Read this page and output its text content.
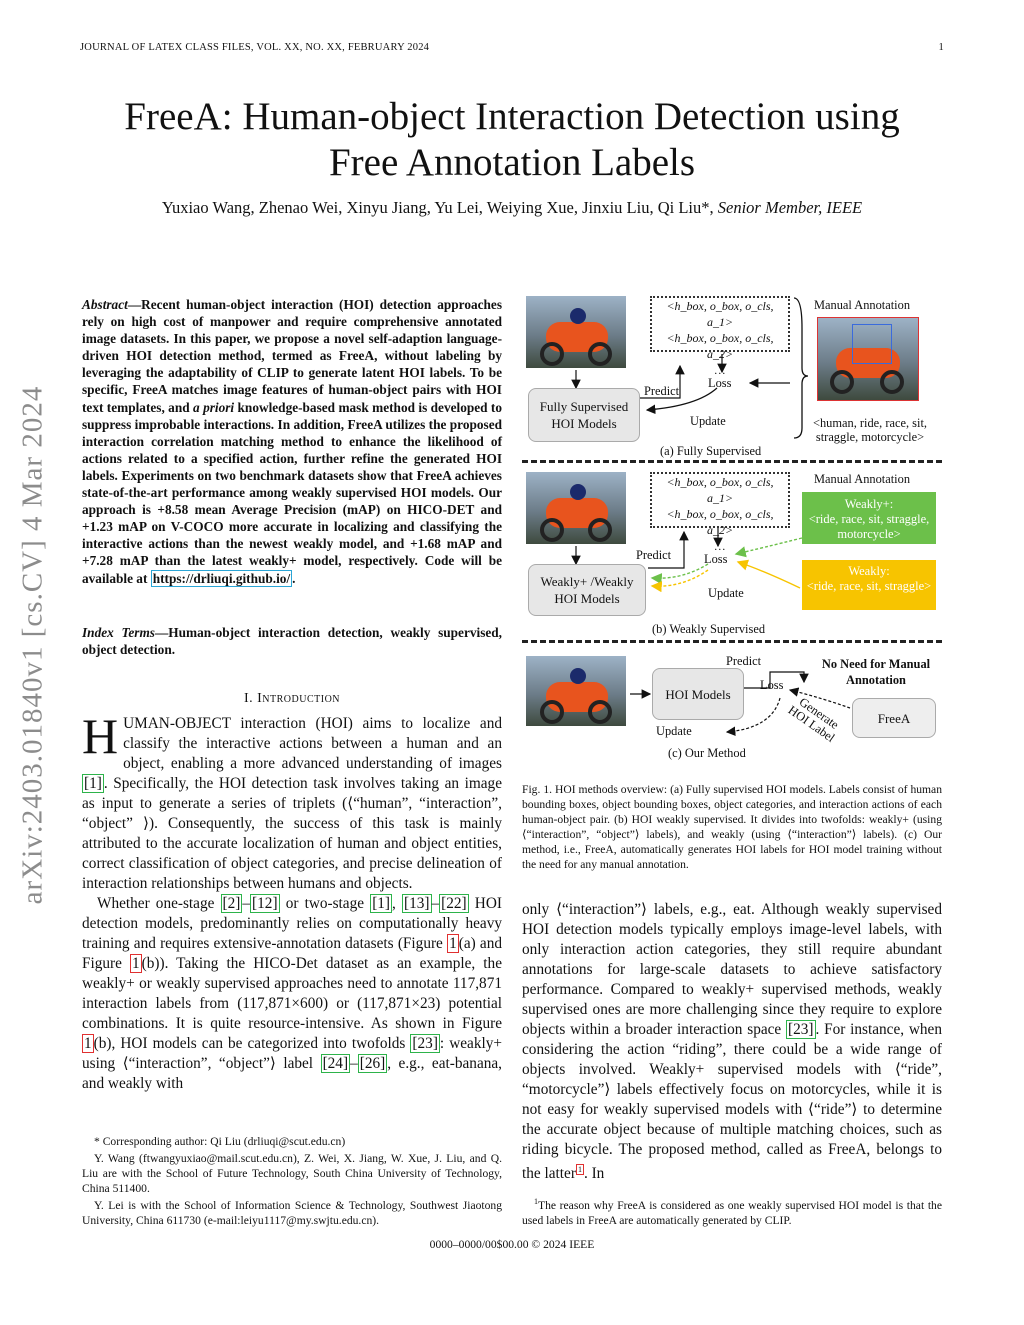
JOURNAL OF LATEX CLASS FILES, VOL. XX, NO. XX, FEBRUARY 2024	1
arXiv:2403.01840v1 [cs.CV] 4 Mar 2024
FreeA: Human-object Interaction Detection using
Free Annotation Labels
Yuxiao Wang, Zhenao Wei, Xinyu Jiang, Yu Lei, Weiying Xue, Jinxiu Liu, Qi Liu*, Senior Member, IEEE
Abstract—Recent human-object interaction (HOI) detection approaches rely on high cost of manpower and require comprehensive annotated image datasets. In this paper, we propose a novel self-adaption language-driven HOI detection method, termed as FreeA, without labeling by leveraging the adaptability of CLIP to generate latent HOI labels. To be specific, FreeA matches image features of human-object pairs with HOI text templates, and a priori knowledge-based mask method is developed to suppress improbable interactions. In addition, FreeA utilizes the proposed interaction correlation matching method to enhance the likelihood of actions related to a specified action, further refine the generated HOI labels. Experiments on two benchmark datasets show that FreeA achieves state-of-the-art performance among weakly supervised HOI models. Our approach is +8.58 mean Average Precision (mAP) on HICO-DET and +1.23 mAP on V-COCO more accurate in localizing and classifying the interactive actions than the newest weakly model, and +1.68 mAP and +7.28 mAP than the latest weakly+ model, respectively. Code will be available at https://drliuqi.github.io/ .
Index Terms—Human-object interaction detection, weakly supervised, object detection.
I. Introduction

HUMAN-OBJECT interaction (HOI) aims to localize and classify the interactive actions between a human and an object, enabling a more advanced understanding of images [1] . Specifically, the HOI detection task involves taking an image as input to generate a series of triplets (⟨“human”, “interaction”, “object” ⟩). Consequently, the success of this task is mainly attributed to the accurate localization of human and object entities, correct classification of object categories, and precise delineation of interaction relationships between humans and objects.

Whether one-stage [2] – [12] or two-stage [1] , [13] – [22] HOI detection models, predominantly relies on computationally heavy training and requires extensive-annotation datasets (Figure 1 (a) and Figure 1 (b)). Taking the HICO-Det dataset as an example, the weakly+ or weakly supervised approaches need to annotate 117,871 interaction labels from (117,871×600) or (117,871×23) potential combinations. It is quite resource-intensive. As shown in Figure 1 (b), HOI models can be categorized into twofolds [23] : weakly+ using ⟨“interaction”, “object”⟩ label [24] – [26] , e.g., eat-banana, and weakly with

* Corresponding author: Qi Liu (drliuqi@scut.edu.cn)

Y. Wang (ftwangyuxiao@mail.scut.edu.cn), Z. Wei, X. Jiang, W. Xue, J. Liu, and Q. Liu are with the School of Future Technology, South China University of Technology, China 511400.

Y. Lei is with the School of Information Science & Technology, Southwest Jiaotong University, China 611730 (e-mail:leiyu1117@my.swjtu.edu.cn).

<h_box, o_box, o_cls, a_1>
<h_box, o_box, o_cls, a_2>
…
Loss
Predict
Update
Fully Supervised HOI Models
Manual Annotation
<human, ride, race, sit, straggle, motorcycle>
(a) Fully Supervised
<h_box, o_box, o_cls, a_1>
<h_box, o_box, o_cls, a_2>
…
Loss
Predict
Update
Weakly+ /Weakly HOI Models
Manual Annotation
Weakly+:
<ride, race, sit, straggle, motorcycle>
Weakly:
<ride, race, sit, straggle>
(b) Weakly Supervised
HOI Models
Predict
Loss
Update
No Need for Manual Annotation
Generate HOI Label	FreeA
(c) Our Method
Fig. 1. HOI methods overview: (a) Fully supervised HOI models. Labels consist of human bounding boxes, object bounding boxes, object categories, and interaction actions of each human-object pair. (b) HOI weakly supervised. It divides into twofolds: weakly+ (using ⟨“interaction”, “object”⟩ labels), and weakly (using ⟨“interaction”⟩ labels). (c) Our method, i.e., FreeA, automatically generates HOI labels for HOI model training without the need for any manual annotation.
only ⟨“interaction”⟩ labels, e.g., eat. Although weakly supervised HOI detection models typically employs image-level labels, with only interaction action categories, they still require abundant annotations for large-scale datasets to achieve satisfactory performance. Compared to weakly+ supervised methods, weakly supervised ones are more challenging since they require to explore objects within a broader interaction space [23] . For instance, when considering the action “riding”, there could be a wide range of objects involved. Weakly+ supervised models with ⟨“ride”, “motorcycle”⟩ labels effectively focus on motorcycles, while it is not easy for weakly supervised models with ⟨“ride”⟩ to determine the accurate object because of multiple matching choices, such as riding bicycle. The proposed method, called as FreeA, belongs to the latter $^1$ . In

$^1$The reason why FreeA is considered as one weakly supervised HOI model is that the used labels in FreeA are automatically generated by CLIP.

0000–0000/00$00.00 © 2024 IEEE
